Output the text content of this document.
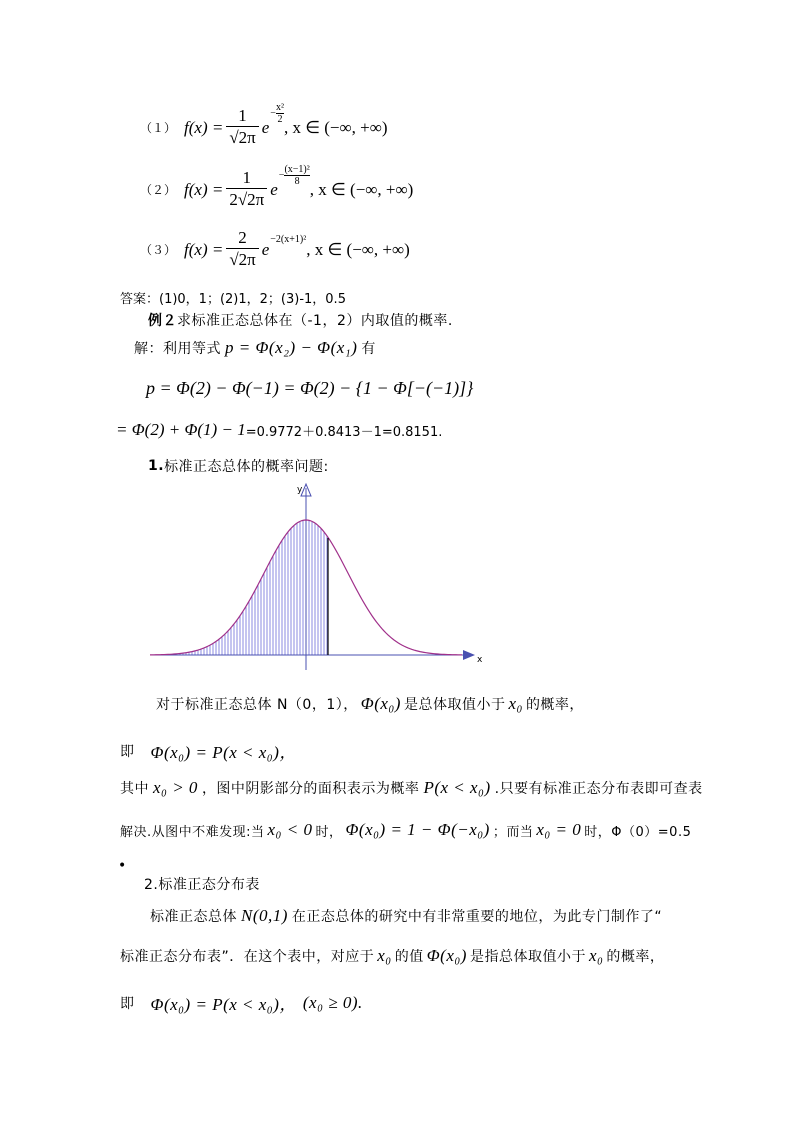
（１） $f(x) = \frac{1}{√2\pi}$ e
−
x²
2 , x ∈ (−∞, +∞)
（２） $f(x) = \frac{1}{2√2\pi}$ e
−
(x−1)²
8 , x ∈ (−∞, +∞)
（３） $f(x) = \frac{2}{√2\pi}$ e −2(x+1)² , x ∈ (−∞, +∞)
答案：(1)0，1；(2)1，2；(3)-1，0.5
例２ 求标准正态总体在（-1，2）内取值的概率.
解：利用等式 p = Φ(x₂) − Φ(x₁) 有
p = Φ(2) − Φ(−1) = Φ(2) − {1 − Φ[−(−1)]}
= Φ(2) + Φ(1) − 1 =0.9772＋0.8413－1=0.8151.
1. 标准正态总体的概率问题:
y
x
对于标准正态总体 N（0，1）， Φ(x₀) 是总体取值小于 x₀ 的概率，
即 Φ(x₀) = P(x < x₀)，
其中 x₀ > 0 ，图中阴影部分的面积表示为概率 P(x < x₀) .只要有标准正态分布表即可查表
解决.从图中不难发现:当 x₀ < 0 时， Φ(x₀) = 1 − Φ(−x₀) ；而当 x₀ = 0 时，Φ（0）=0.5
•
2.标准正态分布表
标准正态总体 N(0,1) 在正态总体的研究中有非常重要的地位，为此专门制作了“
标准正态分布表”．在这个表中，对应于 x₀ 的值 Φ(x₀) 是指总体取值小于 x₀ 的概率，
即 Φ(x₀) = P(x < x₀)， (x₀ ≥ 0).
